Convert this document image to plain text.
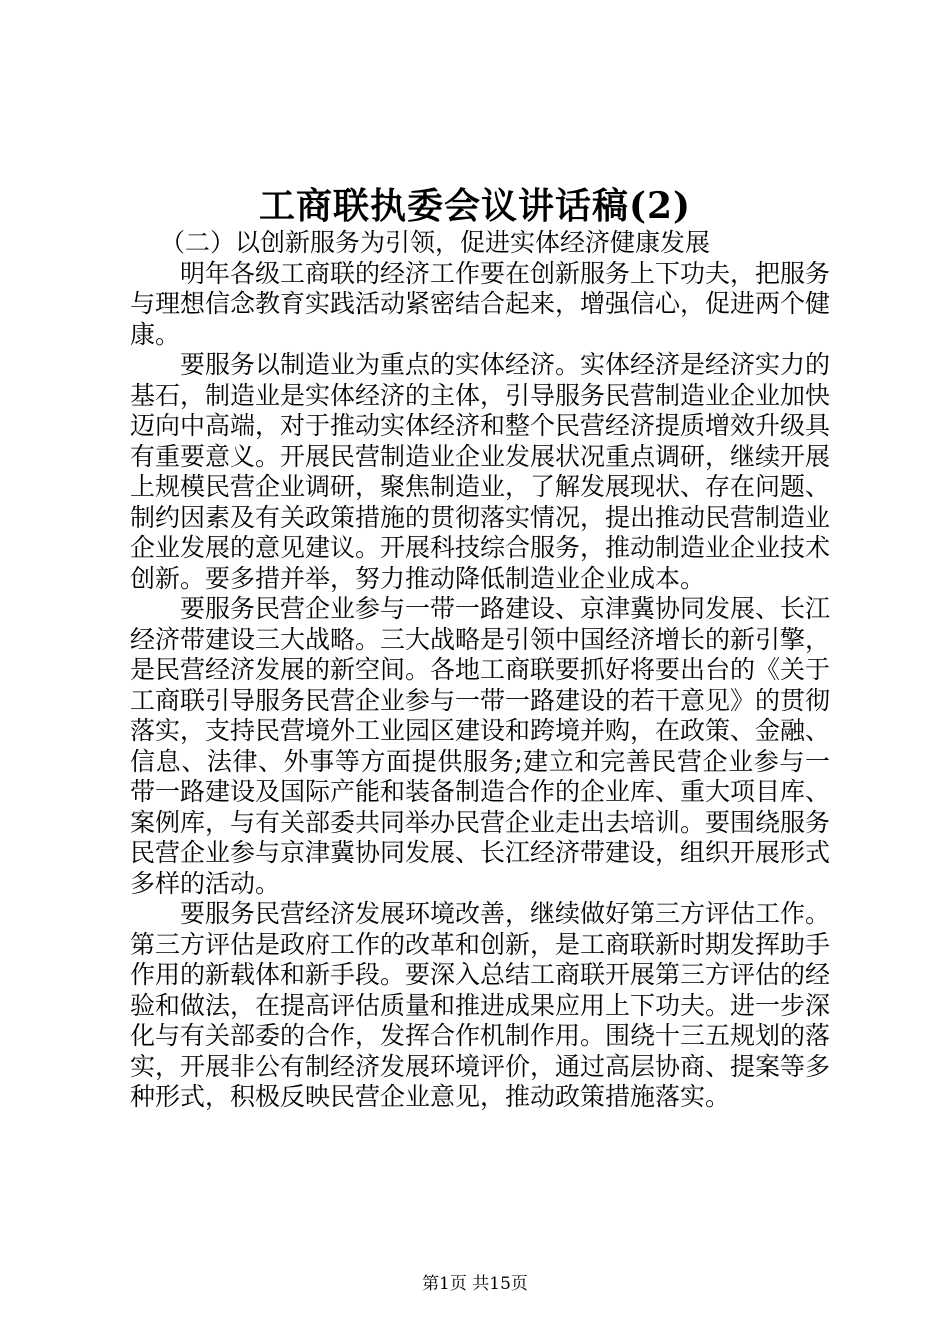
工商联执委会议讲话稿(2)

（二）以创新服务为引领，促进实体经济健康发展

明年各级工商联的经济工作要在创新服务上下功夫，把服务与理想信念教育实践活动紧密结合起来，增强信心，促进两个健康。

要服务以制造业为重点的实体经济。实体经济是经济实力的基石，制造业是实体经济的主体，引导服务民营制造业企业加快迈向中高端，对于推动实体经济和整个民营经济提质增效升级具有重要意义。开展民营制造业企业发展状况重点调研，继续开展上规模民营企业调研，聚焦制造业，了解发展现状、存在问题、制约因素及有关政策措施的贯彻落实情况，提出推动民营制造业企业发展的意见建议。开展科技综合服务，推动制造业企业技术创新。要多措并举，努力推动降低制造业企业成本。

要服务民营企业参与一带一路建设、京津冀协同发展、长江经济带建设三大战略。三大战略是引领中国经济增长的新引擎，是民营经济发展的新空间。各地工商联要抓好将要出台的《关于工商联引导服务民营企业参与一带一路建设的若干意见》的贯彻落实，支持民营境外工业园区建设和跨境并购，在政策、金融、信息、法律、外事等方面提供服务;建立和完善民营企业参与一带一路建设及国际产能和装备制造合作的企业库、重大项目库、案例库，与有关部委共同举办民营企业走出去培训。要围绕服务民营企业参与京津冀协同发展、长江经济带建设，组织开展形式多样的活动。

要服务民营经济发展环境改善，继续做好第三方评估工作。第三方评估是政府工作的改革和创新，是工商联新时期发挥助手作用的新载体和新手段。要深入总结工商联开展第三方评估的经验和做法，在提高评估质量和推进成果应用上下功夫。进一步深化与有关部委的合作，发挥合作机制作用。围绕十三五规划的落实，开展非公有制经济发展环境评价，通过高层协商、提案等多种形式，积极反映民营企业意见，推动政策措施落实。

第1页 共15页
